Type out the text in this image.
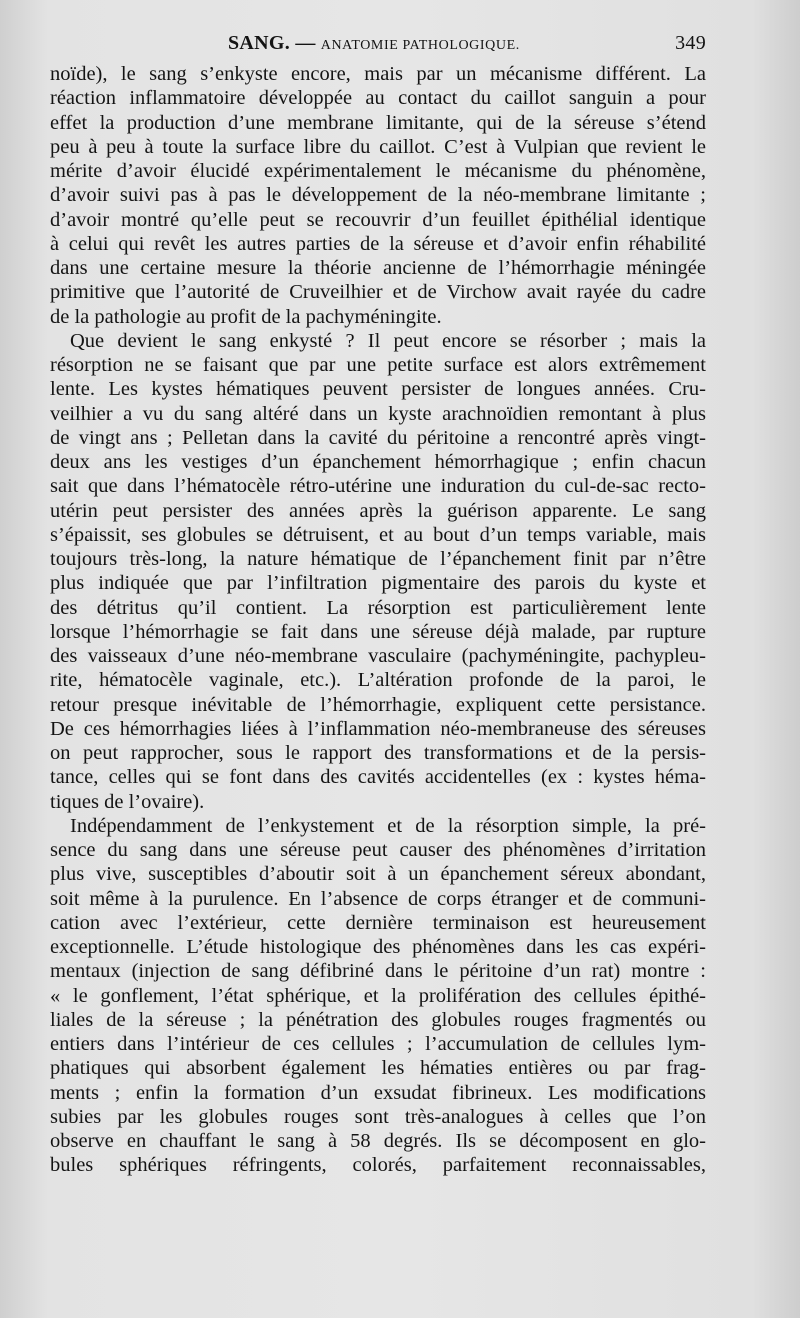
SANG. — ANATOMIE PATHOLOGIQUE.	349
noïde), le sang s’enkyste encore, mais par un mécanisme différent. La
réaction inflammatoire développée au contact du caillot sanguin a pour
effet la production d’une membrane limitante, qui de la séreuse s’étend
peu à peu à toute la surface libre du caillot. C’est à Vulpian que revient le
mérite d’avoir élucidé expérimentalement le mécanisme du phénomène,
d’avoir suivi pas à pas le développement de la néo-membrane limitante ;
d’avoir montré qu’elle peut se recouvrir d’un feuillet épithélial identique
à celui qui revêt les autres parties de la séreuse et d’avoir enfin réhabilité
dans une certaine mesure la théorie ancienne de l’hémorrhagie méningée
primitive que l’autorité de Cruveilhier et de Virchow avait rayée du cadre
de la pathologie au profit de la pachyméningite.
Que devient le sang enkysté ? Il peut encore se résorber ; mais la
résorption ne se faisant que par une petite surface est alors extrêmement
lente. Les kystes hématiques peuvent persister de longues années. Cru-
veilhier a vu du sang altéré dans un kyste arachnoïdien remontant à plus
de vingt ans ; Pelletan dans la cavité du péritoine a rencontré après vingt-
deux ans les vestiges d’un épanchement hémorrhagique ; enfin chacun
sait que dans l’hématocèle rétro-utérine une induration du cul-de-sac recto-
utérin peut persister des années après la guérison apparente. Le sang
s’épaissit, ses globules se détruisent, et au bout d’un temps variable, mais
toujours très-long, la nature hématique de l’épanchement finit par n’être
plus indiquée que par l’infiltration pigmentaire des parois du kyste et
des détritus qu’il contient. La résorption est particulièrement lente
lorsque l’hémorrhagie se fait dans une séreuse déjà malade, par rupture
des vaisseaux d’une néo-membrane vasculaire (pachyméningite, pachypleu-
rite, hématocèle vaginale, etc.). L’altération profonde de la paroi, le
retour presque inévitable de l’hémorrhagie, expliquent cette persistance.
De ces hémorrhagies liées à l’inflammation néo-membraneuse des séreuses
on peut rapprocher, sous le rapport des transformations et de la persis-
tance, celles qui se font dans des cavités accidentelles (ex : kystes héma-
tiques de l’ovaire).
Indépendamment de l’enkystement et de la résorption simple, la pré-
sence du sang dans une séreuse peut causer des phénomènes d’irritation
plus vive, susceptibles d’aboutir soit à un épanchement séreux abondant,
soit même à la purulence. En l’absence de corps étranger et de communi-
cation avec l’extérieur, cette dernière terminaison est heureusement
exceptionnelle. L’étude histologique des phénomènes dans les cas expéri-
mentaux (injection de sang défibriné dans le péritoine d’un rat) montre :
« le gonflement, l’état sphérique, et la prolifération des cellules épithé-
liales de la séreuse ; la pénétration des globules rouges fragmentés ou
entiers dans l’intérieur de ces cellules ; l’accumulation de cellules lym-
phatiques qui absorbent également les hématies entières ou par frag-
ments ; enfin la formation d’un exsudat fibrineux. Les modifications
subies par les globules rouges sont très-analogues à celles que l’on
observe en chauffant le sang à 58 degrés. Ils se décomposent en glo-
bules sphériques réfringents, colorés, parfaitement reconnaissables,
